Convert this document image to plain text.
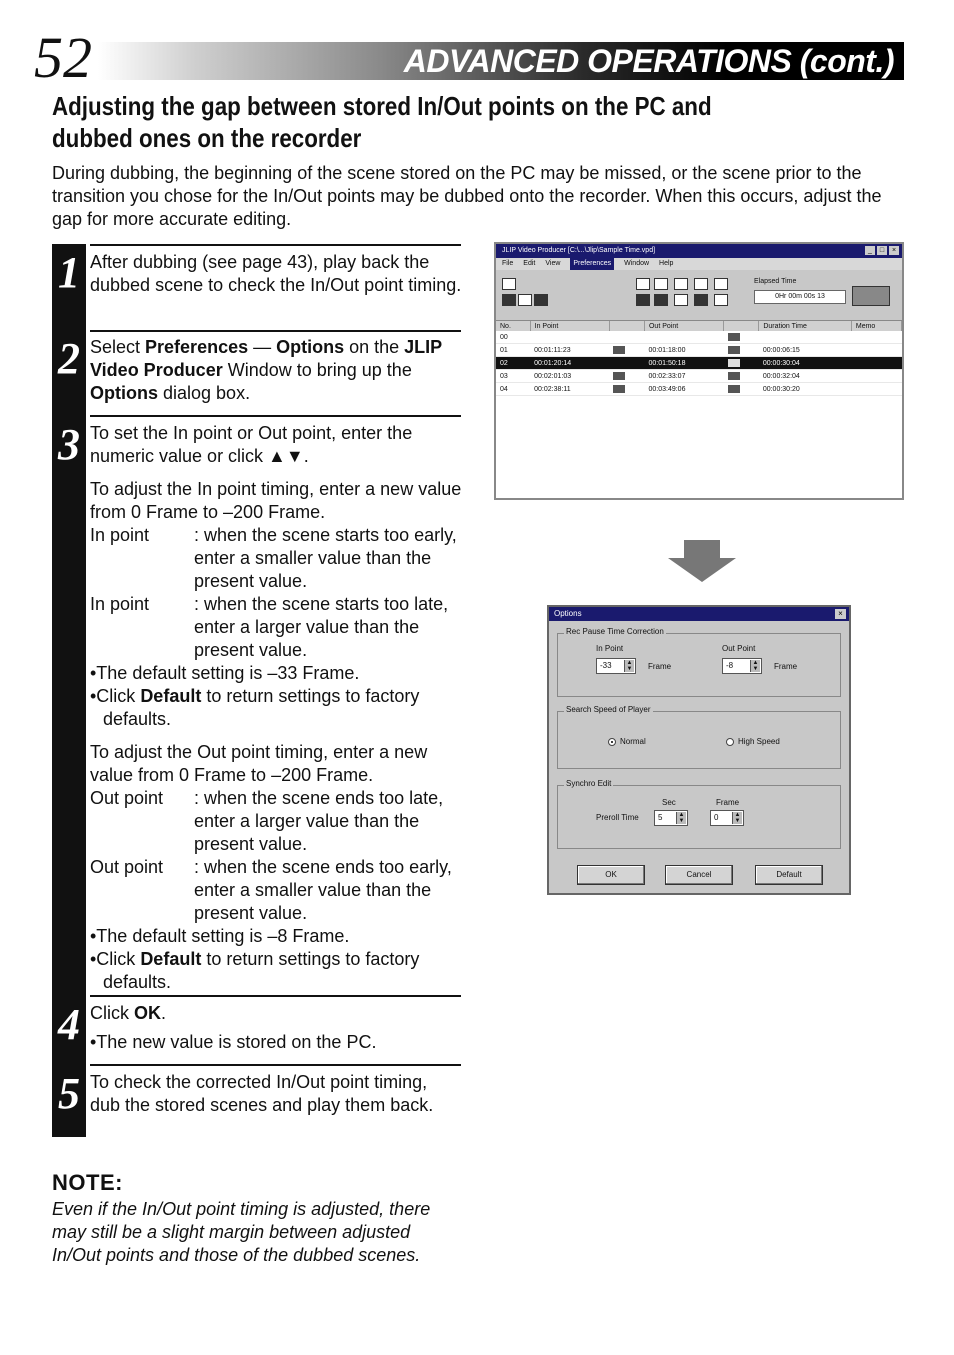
52	ADVANCED OPERATIONS (cont.)
Adjusting the gap between stored In/Out points on the PC and dubbed ones on the recorder
During dubbing, the beginning of the scene stored on the PC may be missed, or the scene prior to the transition you chose for the In/Out points may be dubbed onto the recorder. When this occurs, adjust the gap for more accurate editing.
1 After dubbing (see page 43), play back the dubbed scene to check the In/Out point timing.
2 Select Preferences — Options on the JLIP Video Producer Window to bring up the Options dialog box.
3 To set the In point or Out point, enter the numeric value or click ▲▼.

To adjust the In point timing, enter a new value from 0 Frame to –200 Frame.

In point	: when the scene starts too early, enter a smaller value than the present value.
In point	: when the scene starts too late, enter a larger value than the present value.

•The default setting is –33 Frame.

•Click Default to return settings to factory defaults.

To adjust the Out point timing, enter a new value from 0 Frame to –200 Frame.

Out point	: when the scene ends too late, enter a larger value than the present value.
Out point	: when the scene ends too early, enter a smaller value than the present value.

•The default setting is –8 Frame.

•Click Default to return settings to factory defaults.

4 Click OK.

•The new value is stored on the PC.

5 To check the corrected In/Out point timing, dub the stored scenes and play them back.
NOTE:
Even if the In/Out point timing is adjusted, there may still be a slight margin between adjusted In/Out points and those of the dubbed scenes.
JLIP Video Producer [C:\...\Jlip\Sample Time.vpd]	_	□	×
File Edit View	Preferences	Window Help
Elapsed Time
0Hr 00m 00s 13
No.	In Point		Out Point		Duration Time	Memo
00						
01	00:01:11:23		00:01:18:00		00:00:06:15	
02	00:01:20:14		00:01:50:18		00:00:30:04	
03	00:02:01:03		00:02:33:07		00:00:32:04	
04	00:02:38:11		00:03:49:06		00:00:30:20	
Options	×
Rec Pause Time Correction
In Point
-33	▲
▼ Frame
Out Point
-8	▲
▼ Frame
Search Speed of Player
Normal	High Speed
Synchro Edit
Sec	Frame
Preroll Time 5	▲
▼	0	▲
▼
OK	Cancel	Default
